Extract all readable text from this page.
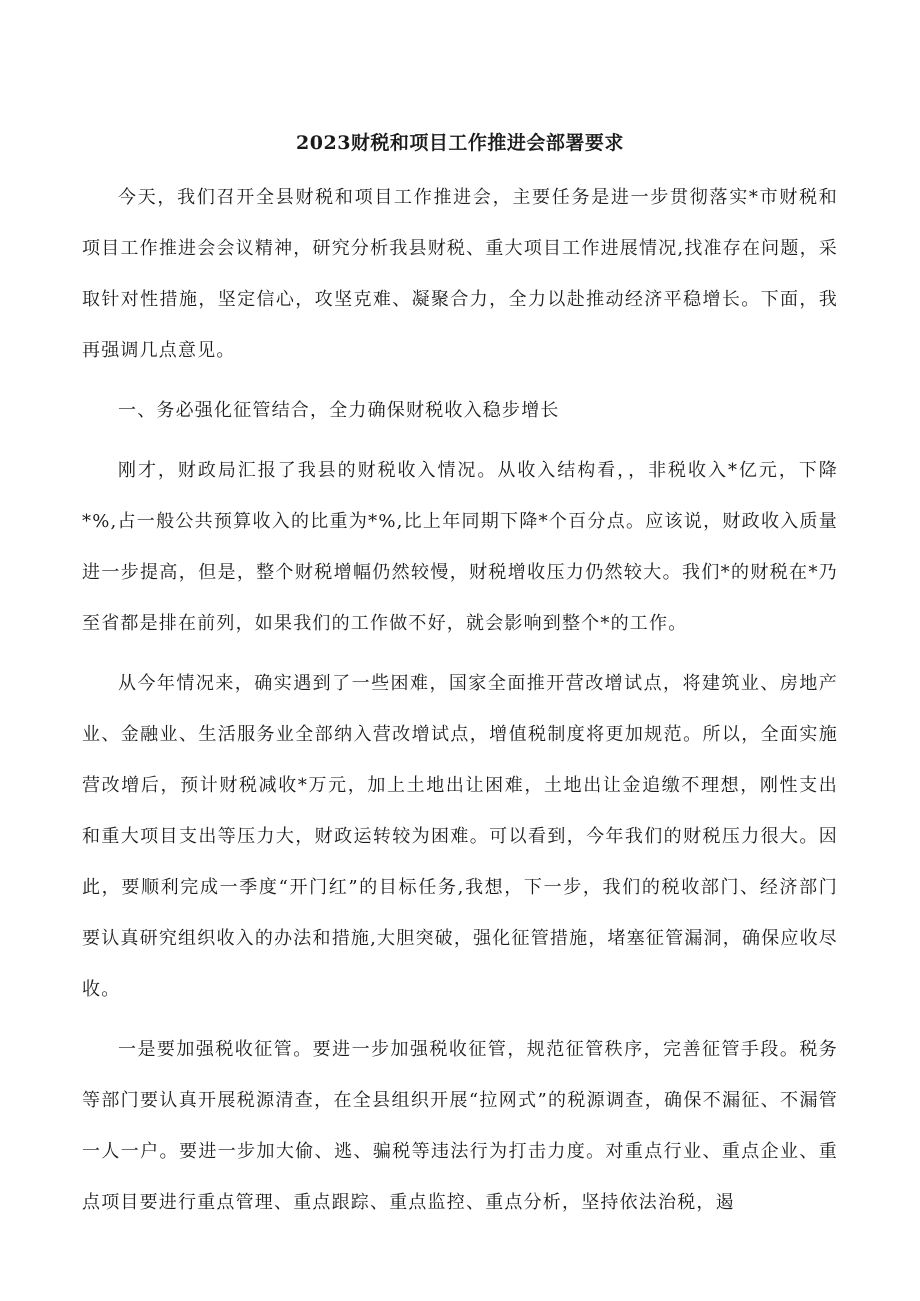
2023财税和项目工作推进会部署要求

今天，我们召开全县财税和项目工作推进会，主要任务是进一步贯彻落实*市财税和项目工作推进会会议精神，研究分析我县财税、重大项目工作进展情况,找准存在问题，采取针对性措施，坚定信心，攻坚克难、凝聚合力，全力以赴推动经济平稳增长。下面，我再强调几点意见。

一、务必强化征管结合，全力确保财税收入稳步增长

刚才，财政局汇报了我县的财税收入情况。从收入结构看，，非税收入*亿元，下降*%,占一般公共预算收入的比重为*%,比上年同期下降*个百分点。应该说，财政收入质量进一步提高，但是，整个财税增幅仍然较慢，财税增收压力仍然较大。我们*的财税在*乃至省都是排在前列，如果我们的工作做不好，就会影响到整个*的工作。

从今年情况来，确实遇到了一些困难，国家全面推开营改增试点，将建筑业、房地产业、金融业、生活服务业全部纳入营改增试点，增值税制度将更加规范。所以，全面实施营改增后，预计财税减收*万元，加上土地出让困难，土地出让金追缴不理想，刚性支出和重大项目支出等压力大，财政运转较为困难。可以看到，今年我们的财税压力很大。因此，要顺利完成一季度“开门红”的目标任务,我想，下一步，我们的税收部门、经济部门要认真研究组织收入的办法和措施,大胆突破，强化征管措施，堵塞征管漏洞，确保应收尽收。

一是要加强税收征管。要进一步加强税收征管，规范征管秩序，完善征管手段。税务等部门要认真开展税源清查，在全县组织开展“拉网式”的税源调查，确保不漏征、不漏管一人一户。要进一步加大偷、逃、骗税等违法行为打击力度。对重点行业、重点企业、重点项目要进行重点管理、重点跟踪、重点监控、重点分析，坚持依法治税，遏
